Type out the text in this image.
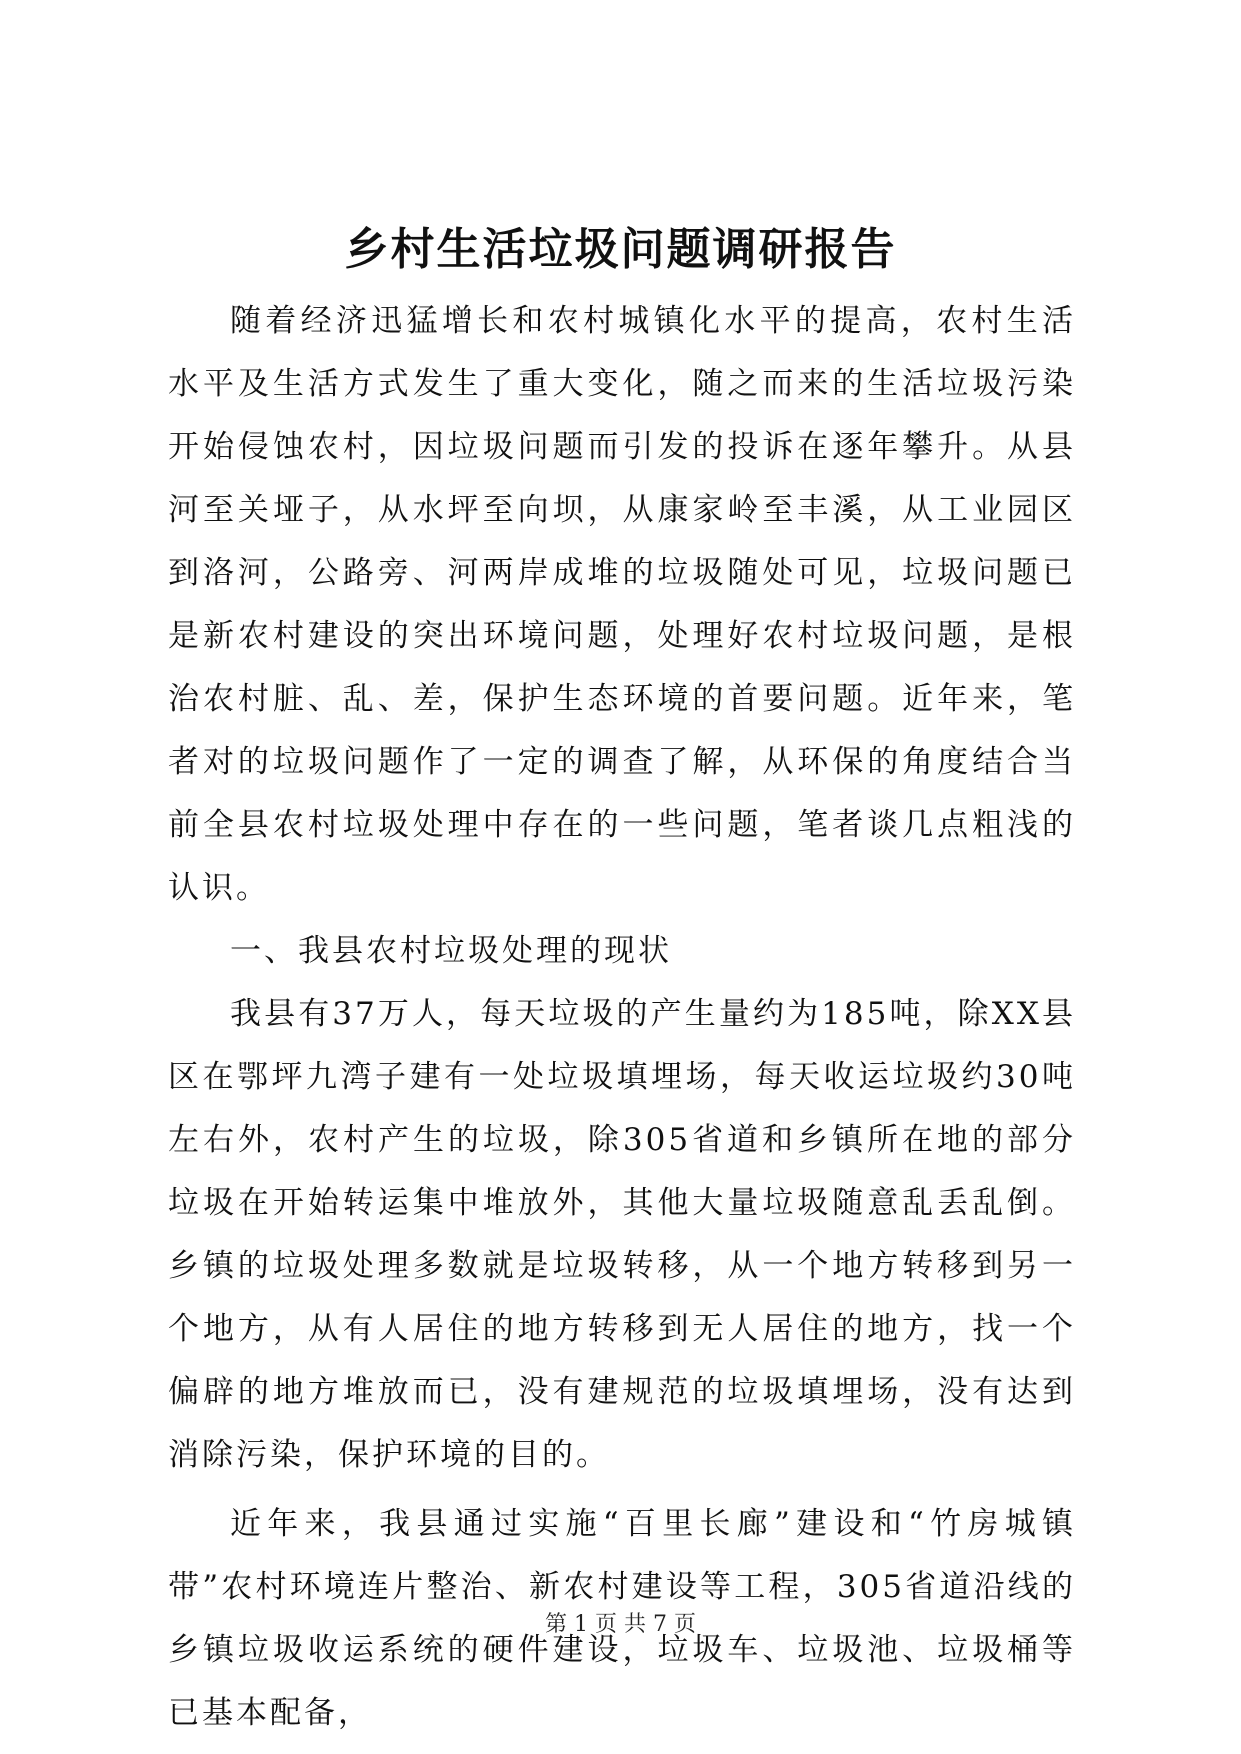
乡村生活垃圾问题调研报告

随着经济迅猛增长和农村城镇化水平的提高，农村生活水平及生活方式发生了重大变化，随之而来的生活垃圾污染开始侵蚀农村，因垃圾问题而引发的投诉在逐年攀升。从县河至关垭子，从水坪至向坝，从康家岭至丰溪，从工业园区到洛河，公路旁、河两岸成堆的垃圾随处可见，垃圾问题已是新农村建设的突出环境问题，处理好农村垃圾问题，是根治农村脏、乱、差，保护生态环境的首要问题。近年来，笔者对的垃圾问题作了一定的调查了解，从环保的角度结合当前全县农村垃圾处理中存在的一些问题，笔者谈几点粗浅的认识。

一、我县农村垃圾处理的现状

我县有37万人，每天垃圾的产生量约为185吨，除XX县区在鄂坪九湾子建有一处垃圾填埋场，每天收运垃圾约30吨左右外，农村产生的垃圾，除305省道和乡镇所在地的部分垃圾在开始转运集中堆放外，其他大量垃圾随意乱丢乱倒。乡镇的垃圾处理多数就是垃圾转移，从一个地方转移到另一个地方，从有人居住的地方转移到无人居住的地方，找一个偏辟的地方堆放而已，没有建规范的垃圾填埋场，没有达到消除污染，保护环境的目的。

近年来，我县通过实施“百里长廊”建设和“竹房城镇带”农村环境连片整治、新农村建设等工程，305省道沿线的乡镇垃圾收运系统的硬件建设，垃圾车、垃圾池、垃圾桶等已基本配备，

第 1 页 共 7 页
